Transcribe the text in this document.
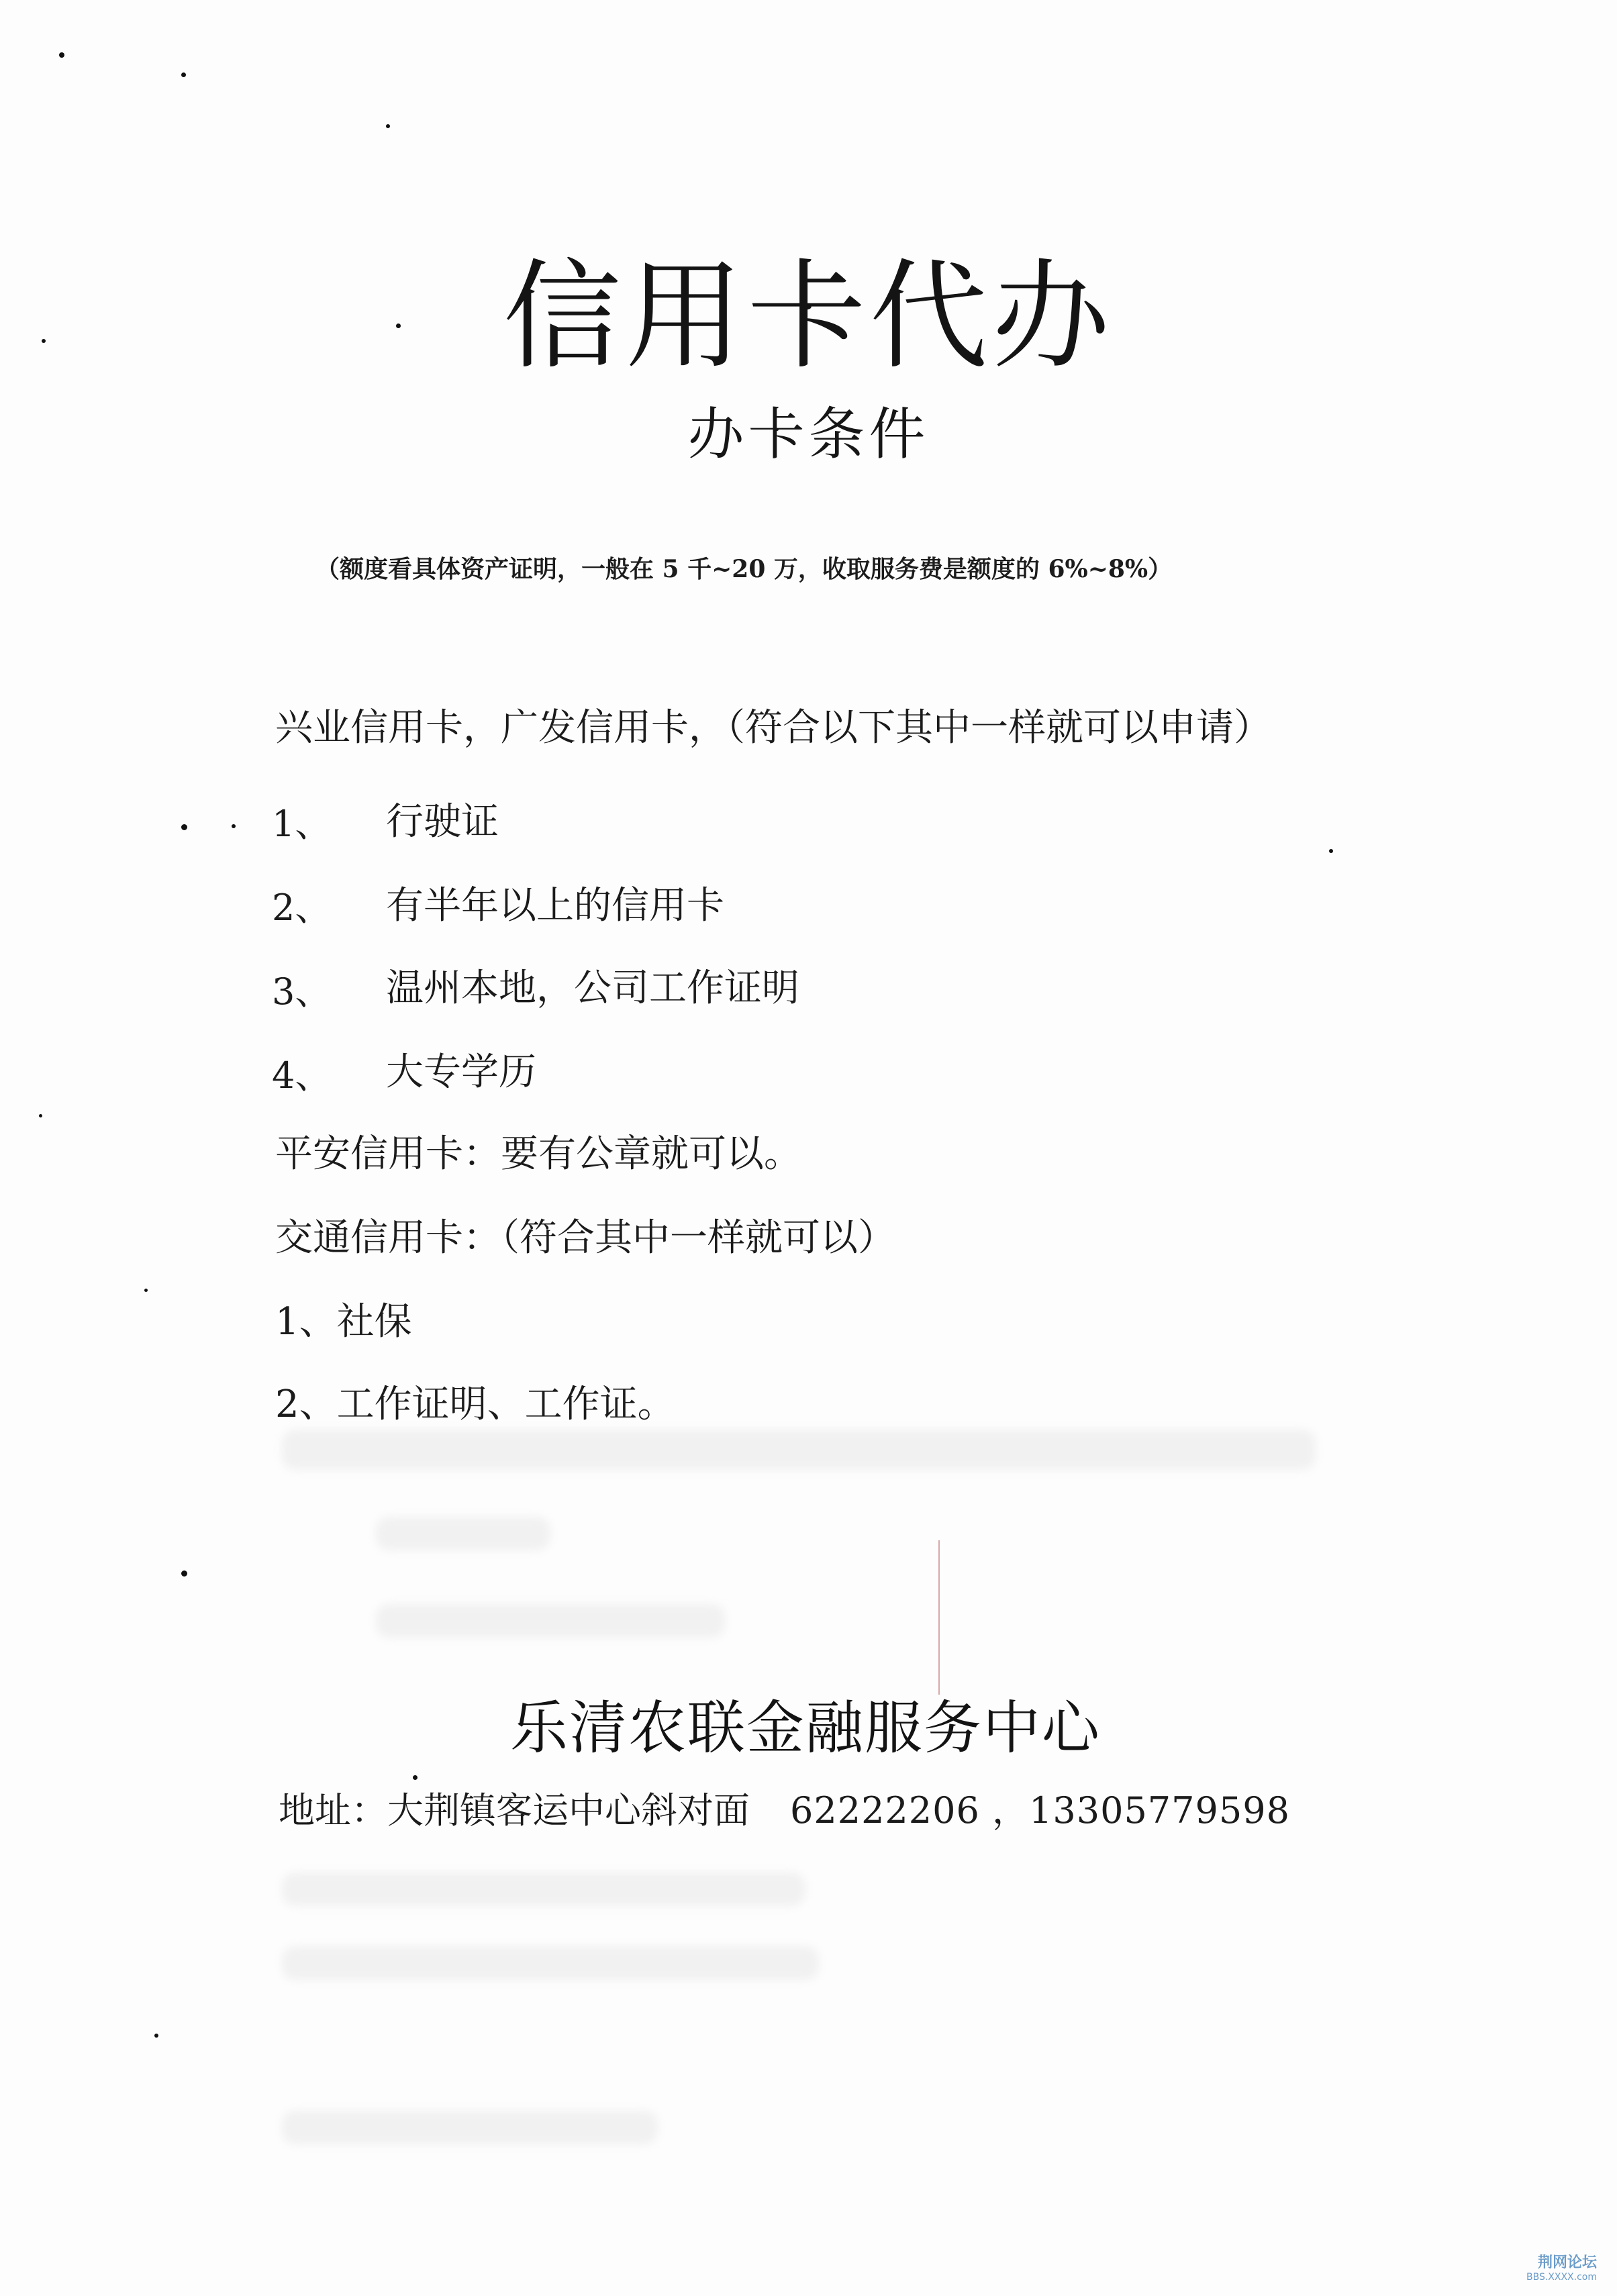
信用卡代办
办卡条件
（额度看具体资产证明，一般在 5 千~20 万，收取服务费是额度的 6%~8%）
兴业信用卡，广发信用卡，（符合以下其中一样就可以申请）
1、 行驶证
2、 有半年以上的信用卡
3、 温州本地，公司工作证明
4、 大专学历
平安信用卡：要有公章就可以。
交通信用卡：（符合其中一样就可以）
1、社保
2、工作证明、工作证。
乐清农联金融服务中心
地址：大荆镇客运中心斜对面 62222206 ，13305779598
荆网论坛
BBS.XXXX.com
